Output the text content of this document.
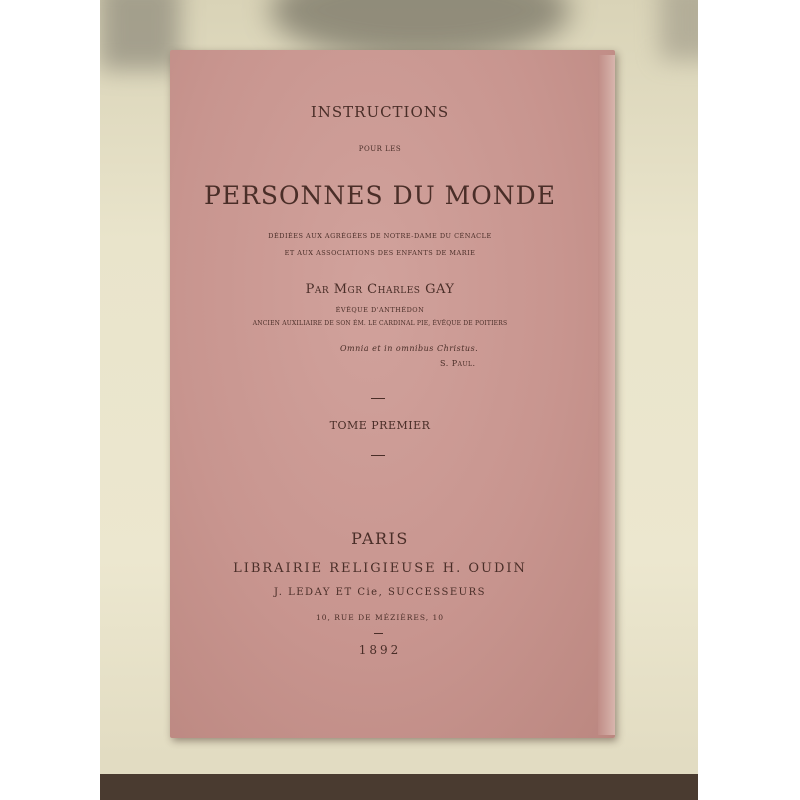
INSTRUCTIONS
POUR LES
PERSONNES DU MONDE
DÉDIÉES AUX AGRÉGÉES DE NOTRE-DAME DU CÉNACLE
ET AUX ASSOCIATIONS DES ENFANTS DE MARIE
Par Mgr Charles GAY
ÉVÊQUE D'ANTHÉDON
ANCIEN AUXILIAIRE DE SON ÉM. LE CARDINAL PIE, ÉVÊQUE DE POITIERS
Omnia et in omnibus Christus.
S. Paul.
TOME PREMIER
PARIS
LIBRAIRIE RELIGIEUSE H. OUDIN
J. LEDAY ET Cie, SUCCESSEURS
10, RUE DE MÉZIÈRES, 10
1892
